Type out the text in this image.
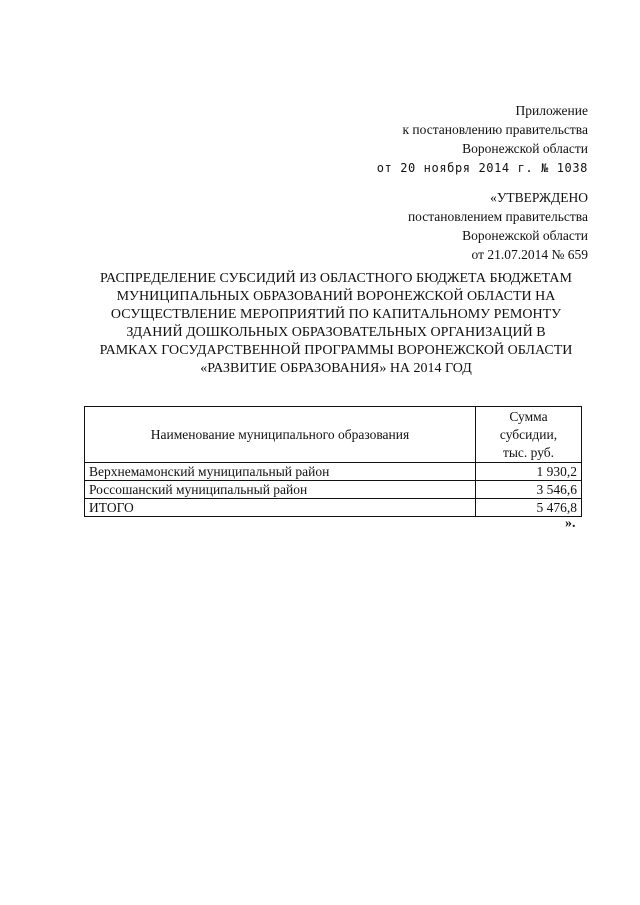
Приложение
к постановлению правительства
Воронежской области
от 20 ноября 2014 г. № 1038
«УТВЕРЖДЕНО
постановлением правительства
Воронежской области
от 21.07.2014 № 659
РАСПРЕДЕЛЕНИЕ СУБСИДИЙ ИЗ ОБЛАСТНОГО БЮДЖЕТА БЮДЖЕТАМ
МУНИЦИПАЛЬНЫХ ОБРАЗОВАНИЙ ВОРОНЕЖСКОЙ ОБЛАСТИ НА
ОСУЩЕСТВЛЕНИЕ МЕРОПРИЯТИЙ ПО КАПИТАЛЬНОМУ РЕМОНТУ
ЗДАНИЙ ДОШКОЛЬНЫХ ОБРАЗОВАТЕЛЬНЫХ ОРГАНИЗАЦИЙ В
РАМКАХ ГОСУДАРСТВЕННОЙ ПРОГРАММЫ ВОРОНЕЖСКОЙ ОБЛАСТИ
«РАЗВИТИЕ ОБРАЗОВАНИЯ» НА 2014 ГОД
Наименование муниципального образования	Сумма
субсидии,
тыс. руб.

Верхнемамонский муниципальный район	1 930,2
Россошанский муниципальный район	3 546,6
ИТОГО	5 476,8
».
